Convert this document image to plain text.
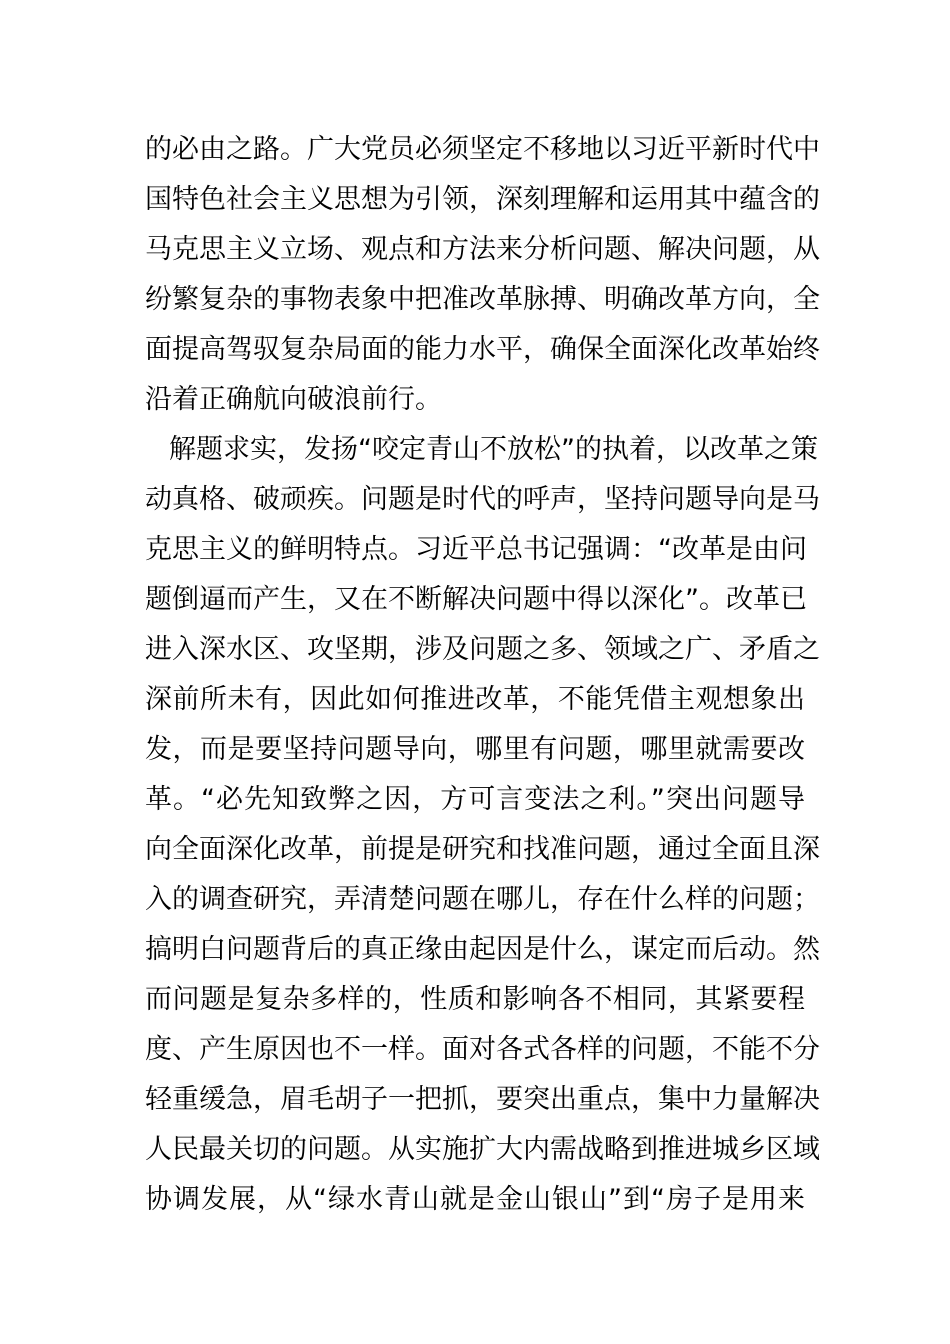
的必由之路。广大党员必须坚定不移地以习近平新时代中
国特色社会主义思想为引领，深刻理解和运用其中蕴含的
马克思主义立场、观点和方法来分析问题、解决问题，从
纷繁复杂的事物表象中把准改革脉搏、明确改革方向，全
面提高驾驭复杂局面的能力水平，确保全面深化改革始终
沿着正确航向破浪前行。
解题求实，发扬“咬定青山不放松”的执着，以改革之策
动真格、破顽疾。问题是时代的呼声，坚持问题导向是马
克思主义的鲜明特点。习近平总书记强调：“改革是由问
题倒逼而产生，又在不断解决问题中得以深化”。改革已
进入深水区、攻坚期，涉及问题之多、领域之广、矛盾之
深前所未有，因此如何推进改革，不能凭借主观想象出
发，而是要坚持问题导向，哪里有问题，哪里就需要改
革。“必先知致弊之因，方可言变法之利。”突出问题导
向全面深化改革，前提是研究和找准问题，通过全面且深
入的调查研究，弄清楚问题在哪儿，存在什么样的问题；
搞明白问题背后的真正缘由起因是什么，谋定而后动。然
而问题是复杂多样的，性质和影响各不相同，其紧要程
度、产生原因也不一样。面对各式各样的问题，不能不分
轻重缓急，眉毛胡子一把抓，要突出重点，集中力量解决
人民最关切的问题。从实施扩大内需战略到推进城乡区域
协调发展，从“绿水青山就是金山银山”到“房子是用来
